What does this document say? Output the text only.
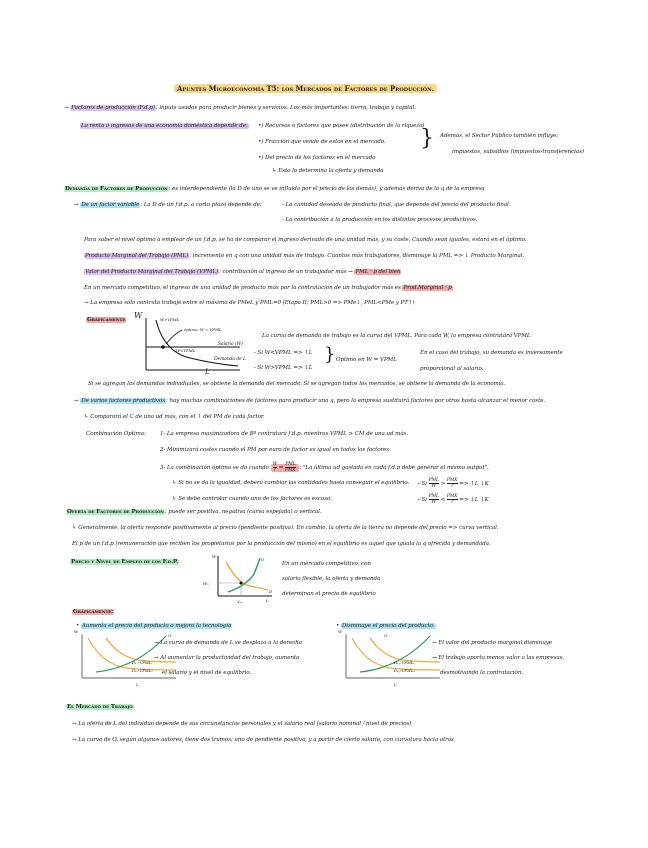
Apuntes Microeconomía T5: los Mercados de Factores de Producción.
→ Factores de producción (F.d.p): inputs usados para producir bienes y servicios. Los más importantes: tierra, trabajo y capital.
La renta o ingresos de una economía doméstica depende de: •) Recursos o factores que posee (distribución de la riqueza)
•) Fracción que vende de estos en el mercado.
•) Del precio de los factores en el mercado
↳ Esto lo determina la oferta y demanda
} Además, el Sector Público también influye;
impuestos, subsidios (impuestos-transferencias)
Demanda de Factores de Producción: es interdependiente (la D de uno se ve influida por el precio de los demás), y además deriva de la q de la empresa
→ De un factor variable: La D de un f.d.p. a corto plazo depende de:	- La cantidad deseada de producto final, que depende del precio del producto final
- La contribución a la producción en los distintos procesos productivos.
Para saber el nivel óptimo a emplear de un f.d.p, se ha de comparar el ingreso derivado de una unidad más, y su coste. Cuando sean iguales, estará en el óptimo.
Producto Marginal del Trabajo (PML): incremento en q con una unidad más de trabajo. Cuantos más trabajadores, disminuye la PML => ↓ Producto Marginal.
Valor del Producto Marginal del Trabajo (VPML): contribución al ingreso de un trabajador más → PML · p del bien
En un mercado competitivo, el ingreso de una unidad de producto más por la contratación de un trabajador más es Prod.Marginal · p
→ La empresa sólo contrata trabajo entre el máximo de PMeL y PML=0 (Etapa II; PML>0 => PMe↓, PML<PMe y PT↑)
Gráficamente W	W>VPML
óptimo: W = VPML
Salario (W)
W<VPML
Demanda de L
L
La curva de demanda de trabajo es la curva del VPML. Para cada W, la empresa contratará VPML
- Si W<VPML => ↑L
- Si W>VPML => ↓L
} Óptimo en W = VPML
En el caso del trabajo, su demanda es inversamente
proporcional al salario.
Si se agregan las demandas individuales, se obtiene la demanda del mercado. Si se agregan todos los mercados, se obtiene la demanda de la economía.
→ De varios factores productivos: hay muchas combinaciones de factores para producir una q, pero la empresa sustituirá factores por otros hasta alcanzar el menor coste.
↳ Comparará el C de una ud más, con el ↑ del PM de cada factor.
Combinación Óptima:	1- La empresa maximizadora de Bº contratará f.d.p. mientras VPML > CM de una ud más.
2- Minimizará costes cuando el PM por euro de factor es igual en todos los factores.
3- La combinación óptima se da cuando $\frac{W}{r} = \frac{\text{PML}}{\text{PMK}}$ : "La última ud gastada en cada f.d.p debe generar el mismo output".
↳ Si no se da la igualdad, deberá cambiar las cantidades hasta conseguir el equilibrio.
↳ Se debe controlar cuando uno de los factores es escaso.
- Si $\frac{\text{PML}}{W} > \frac{\text{PMK}}{r}$ => ↑L ↓K
- Si $\frac{\text{PML}}{W} < \frac{\text{PMK}}{r}$ => ↓L ↑K
Oferta de Factores de Producción: puede ser positiva, negativa (curva espejada) o vertical.
↳ Generalmente, la oferta responde positivamente al precio (pendiente positiva). En cambio, la oferta de la tierra no depende del precio => curva vertical.
El p de un f.d.p (remuneración que reciben los propietarios por la producción del mismo) en el equilibrio es aquel que iguala la q ofrecida y demandada.
Precio y Nivel de Empleo de los F.d.P.
W
W₀
L₀	L
O
D
En un mercado competitivo, con
salario flexible, la oferta y demanda
determinan el precio de equilibrio
Gráficamente:
• Aumenta el precio del producto o mejora la tecnología
W
O
D₁ / VPML₁
D₀ / VPML₀
L
→ La curva de demanda de L se desplaza a la derecha
→ Al aumentar la productividad del trabajo, aumenta
el salario y el nivel de equilibrio.
• Disminuye el precio del producto.
W
O
D₁ / VPML₁
D₀ / VPML₀
L
→ El valor del producto marginal disminuye
→ El trabajo aporta menos valor a las empresas,
desmotivando la contratación.
El Mercado de Trabajo
→ La oferta de L del individuo depende de sus circunstancias personales y el salario real (salario nominal / nivel de precios)
→ La curva de O. según algunos autores, tiene dos tramos; uno de pendiente positiva, y a partir de cierto salario, con curvatura hacia atrás
